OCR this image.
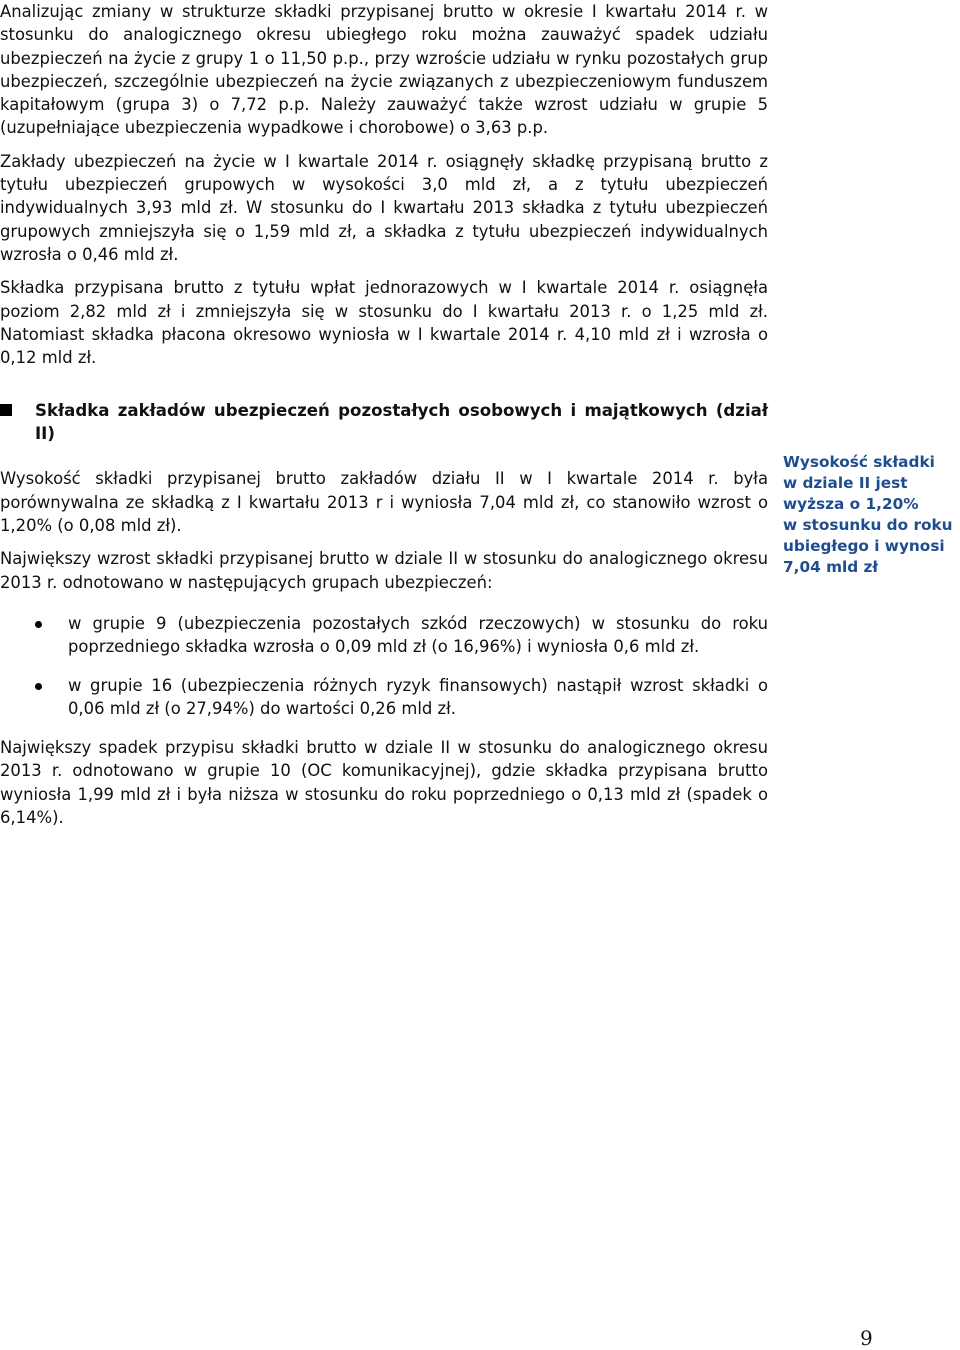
Analizując zmiany w strukturze składki przypisanej brutto w okresie I kwartału 2014 r. w stosunku do analogicznego okresu ubiegłego roku można zauważyć spadek udziału ubezpieczeń na życie z grupy 1 o 11,50 p.p., przy wzroście udziału w rynku pozostałych grup ubezpieczeń, szczególnie ubezpieczeń na życie związanych z ubezpieczeniowym funduszem kapitałowym (grupa 3) o 7,72 p.p. Należy zauważyć także wzrost udziału w grupie 5 (uzupełniające ubezpieczenia wypadkowe i chorobowe) o 3,63 p.p.

Zakłady ubezpieczeń na życie w I kwartale 2014 r. osiągnęły składkę przypisaną brutto z tytułu ubezpieczeń grupowych w wysokości 3,0 mld zł, a z tytułu ubezpieczeń indywidualnych 3,93 mld zł. W stosunku do I kwartału 2013 składka z tytułu ubezpieczeń grupowych zmniejszyła się o 1,59 mld zł, a składka z tytułu ubezpieczeń indywidualnych wzrosła o 0,46 mld zł.

Składka przypisana brutto z tytułu wpłat jednorazowych w I kwartale 2014 r. osiągnęła poziom 2,82 mld zł i zmniejszyła się w stosunku do I kwartału 2013 r. o 1,25 mld zł. Natomiast składka płacona okresowo wyniosła w I kwartale 2014 r. 4,10 mld zł i wzrosła o 0,12 mld zł.

Składka zakładów ubezpieczeń pozostałych osobowych i majątkowych (dział II)

Wysokość składki przypisanej brutto zakładów działu II w I kwartale 2014 r. była porównywalna ze składką z I kwartału 2013 r i wyniosła 7,04 mld zł, co stanowiło wzrost o 1,20% (o 0,08 mld zł).

Największy wzrost składki przypisanej brutto w dziale II w stosunku do analogicznego okresu 2013 r. odnotowano w następujących grupach ubezpieczeń:

w grupie 9 (ubezpieczenia pozostałych szkód rzeczowych) w stosunku do roku poprzedniego składka wzrosła o 0,09 mld zł (o 16,96%) i wyniosła 0,6 mld zł.
w grupie 16 (ubezpieczenia różnych ryzyk finansowych) nastąpił wzrost składki o 0,06 mld zł (o 27,94%) do wartości 0,26 mld zł.

Największy spadek przypisu składki brutto w dziale II w stosunku do analogicznego okresu 2013 r. odnotowano w grupie 10 (OC komunikacyjnej), gdzie składka przypisana brutto wyniosła 1,99 mld zł i była niższa w stosunku do roku poprzedniego o 0,13 mld zł (spadek o 6,14%).

Wysokość składki
w dziale II jest
wyższa o 1,20%
w stosunku do roku
ubiegłego i wynosi
7,04 mld zł
9
